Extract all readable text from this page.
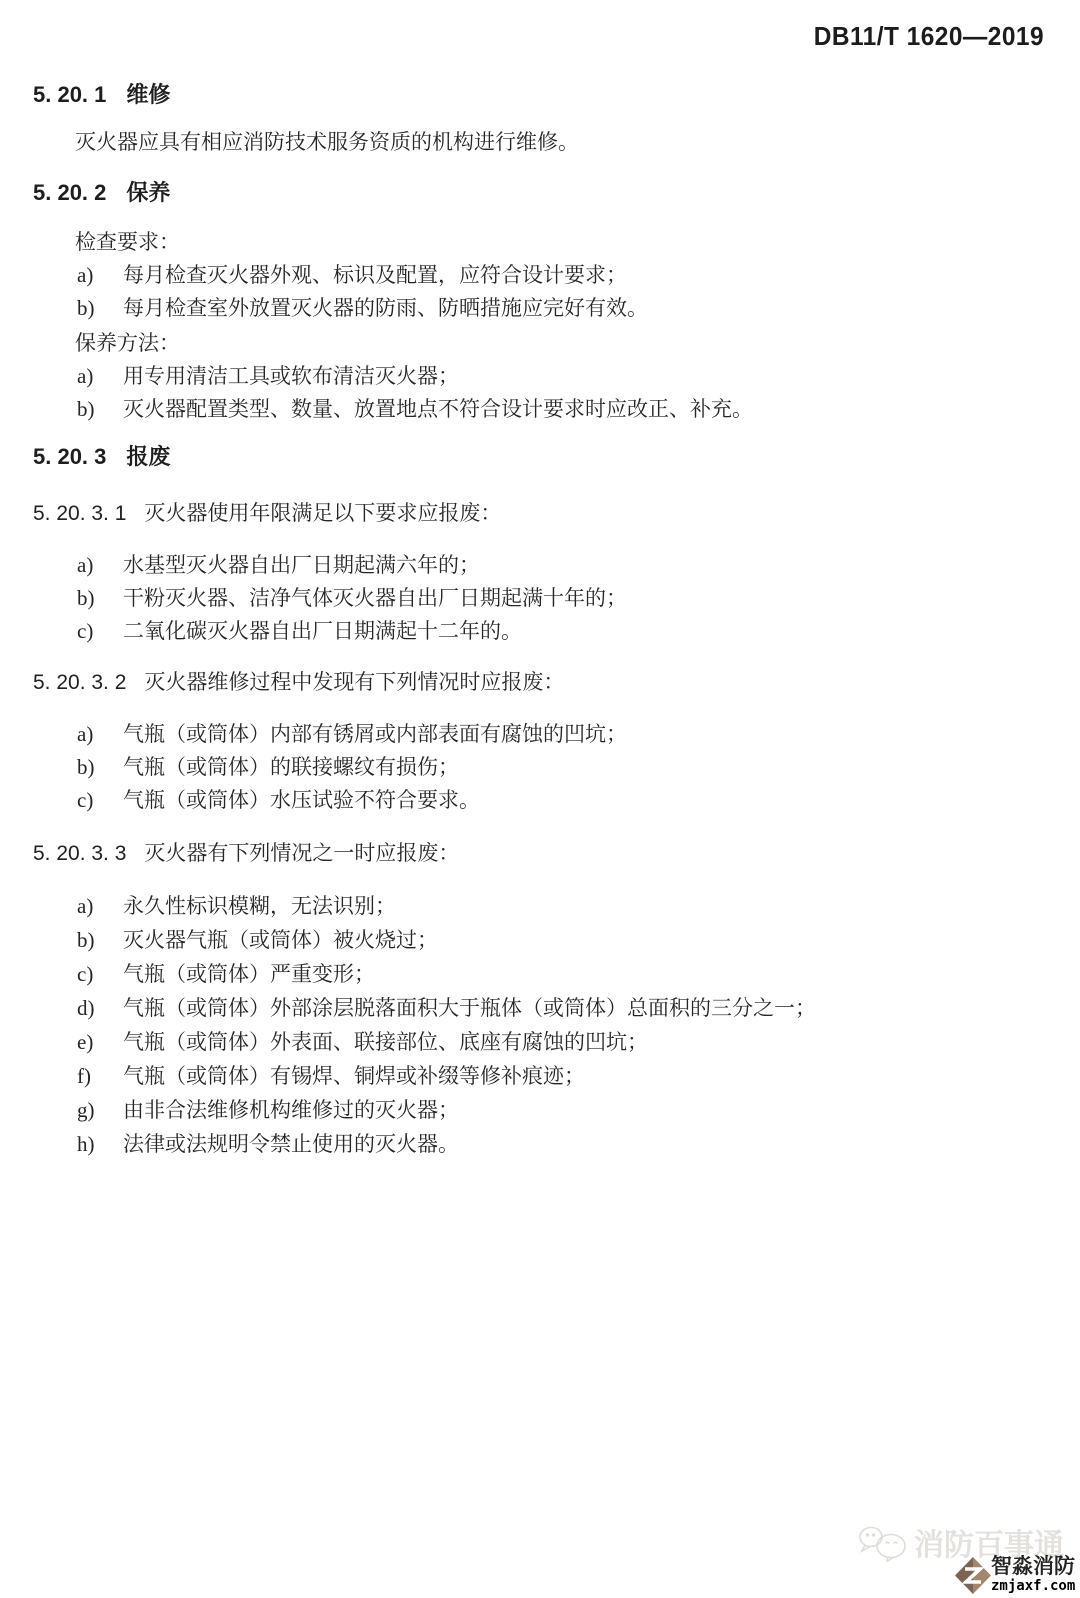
DB11/T 1620—2019
5. 20. 1 维修

灭火器应具有相应消防技术服务资质的机构进行维修。

5. 20. 2 保养

检查要求：

a)	每月检查灭火器外观、标识及配置，应符合设计要求；
b)	每月检查室外放置灭火器的防雨、防晒措施应完好有效。

保养方法：

a)	用专用清洁工具或软布清洁灭火器；
b)	灭火器配置类型、数量、放置地点不符合设计要求时应改正、补充。
5. 20. 3 报废
5. 20. 3. 1 灭火器使用年限满足以下要求应报废：
a)	水基型灭火器自出厂日期起满六年的；
b)	干粉灭火器、洁净气体灭火器自出厂日期起满十年的；
c)	二氧化碳灭火器自出厂日期满起十二年的。
5. 20. 3. 2 灭火器维修过程中发现有下列情况时应报废：
a)	气瓶（或筒体）内部有锈屑或内部表面有腐蚀的凹坑；
b)	气瓶（或筒体）的联接螺纹有损伤；
c)	气瓶（或筒体）水压试验不符合要求。
5. 20. 3. 3 灭火器有下列情况之一时应报废：
a)	永久性标识模糊，无法识别；
b)	灭火器气瓶（或筒体）被火烧过；
c)	气瓶（或筒体）严重变形；
d)	气瓶（或筒体）外部涂层脱落面积大于瓶体（或筒体）总面积的三分之一；
e)	气瓶（或筒体）外表面、联接部位、底座有腐蚀的凹坑；
f)	气瓶（或筒体）有锡焊、铜焊或补缀等修补痕迹；
g)	由非合法维修机构维修过的灭火器；
h)	法律或法规明令禁止使用的灭火器。
消防百事通
智淼消防
zmjaxf.com
